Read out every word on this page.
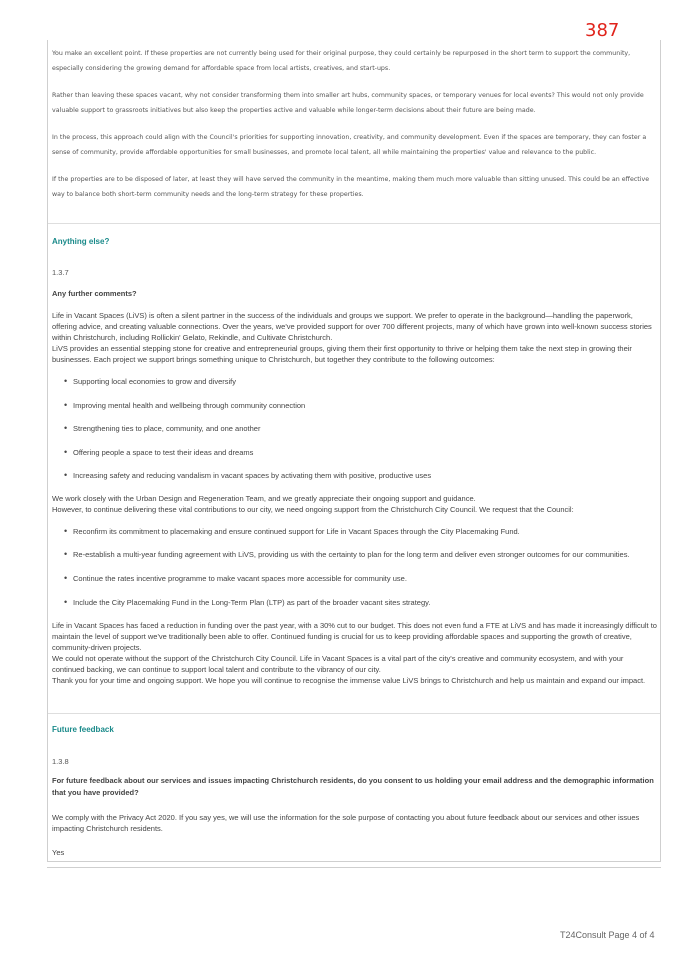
387

You make an excellent point. If these properties are not currently being used for their original purpose, they could certainly be repurposed in the short term to support the community, especially considering the growing demand for affordable space from local artists, creatives, and start-ups.

Rather than leaving these spaces vacant, why not consider transforming them into smaller art hubs, community spaces, or temporary venues for local events? This would not only provide valuable support to grassroots initiatives but also keep the properties active and valuable while longer-term decisions about their future are being made.

In the process, this approach could align with the Council's priorities for supporting innovation, creativity, and community development. Even if the spaces are temporary, they can foster a sense of community, provide affordable opportunities for small businesses, and promote local talent, all while maintaining the properties' value and relevance to the public.

If the properties are to be disposed of later, at least they will have served the community in the meantime, making them much more valuable than sitting unused. This could be an effective way to balance both short-term community needs and the long-term strategy for these properties.

Anything else?
1.3.7
Any further comments?
Life in Vacant Spaces (LiVS) is often a silent partner in the success of the individuals and groups we support. We prefer to operate in the background—handling the paperwork, offering advice, and creating valuable connections. Over the years, we've provided support for over 700 different projects, many of which have grown into well-known success stories within Christchurch, including Rollickin' Gelato, Rekindle, and Cultivate Christchurch.
LiVS provides an essential stepping stone for creative and entrepreneurial groups, giving them their first opportunity to thrive or helping them take the next step in growing their businesses. Each project we support brings something unique to Christchurch, but together they contribute to the following outcomes:
• Supporting local economies to grow and diversify
• Improving mental health and wellbeing through community connection
• Strengthening ties to place, community, and one another
• Offering people a space to test their ideas and dreams
• Increasing safety and reducing vandalism in vacant spaces by activating them with positive, productive uses
We work closely with the Urban Design and Regeneration Team, and we greatly appreciate their ongoing support and guidance.
However, to continue delivering these vital contributions to our city, we need ongoing support from the Christchurch City Council. We request that the Council:
• Reconfirm its commitment to placemaking and ensure continued support for Life in Vacant Spaces through the City Placemaking Fund.
• Re-establish a multi-year funding agreement with LiVS, providing us with the certainty to plan for the long term and deliver even stronger outcomes for our communities.
• Continue the rates incentive programme to make vacant spaces more accessible for community use.
• Include the City Placemaking Fund in the Long-Term Plan (LTP) as part of the broader vacant sites strategy.
Life in Vacant Spaces has faced a reduction in funding over the past year, with a 30% cut to our budget. This does not even fund a FTE at LiVS and has made it increasingly difficult to maintain the level of support we've traditionally been able to offer. Continued funding is crucial for us to keep providing affordable spaces and supporting the growth of creative, community-driven projects.
We could not operate without the support of the Christchurch City Council. Life in Vacant Spaces is a vital part of the city's creative and community ecosystem, and with your continued backing, we can continue to support local talent and contribute to the vibrancy of our city.
Thank you for your time and ongoing support. We hope you will continue to recognise the immense value LiVS brings to Christchurch and help us maintain and expand our impact.
Future feedback
1.3.8
For future feedback about our services and issues impacting Christchurch residents, do you consent to us holding your email address and the demographic information that you have provided?
We comply with the Privacy Act 2020. If you say yes, we will use the information for the sole purpose of contacting you about future feedback about our services and other issues impacting Christchurch residents.
Yes
T24Consult Page 4 of 4
